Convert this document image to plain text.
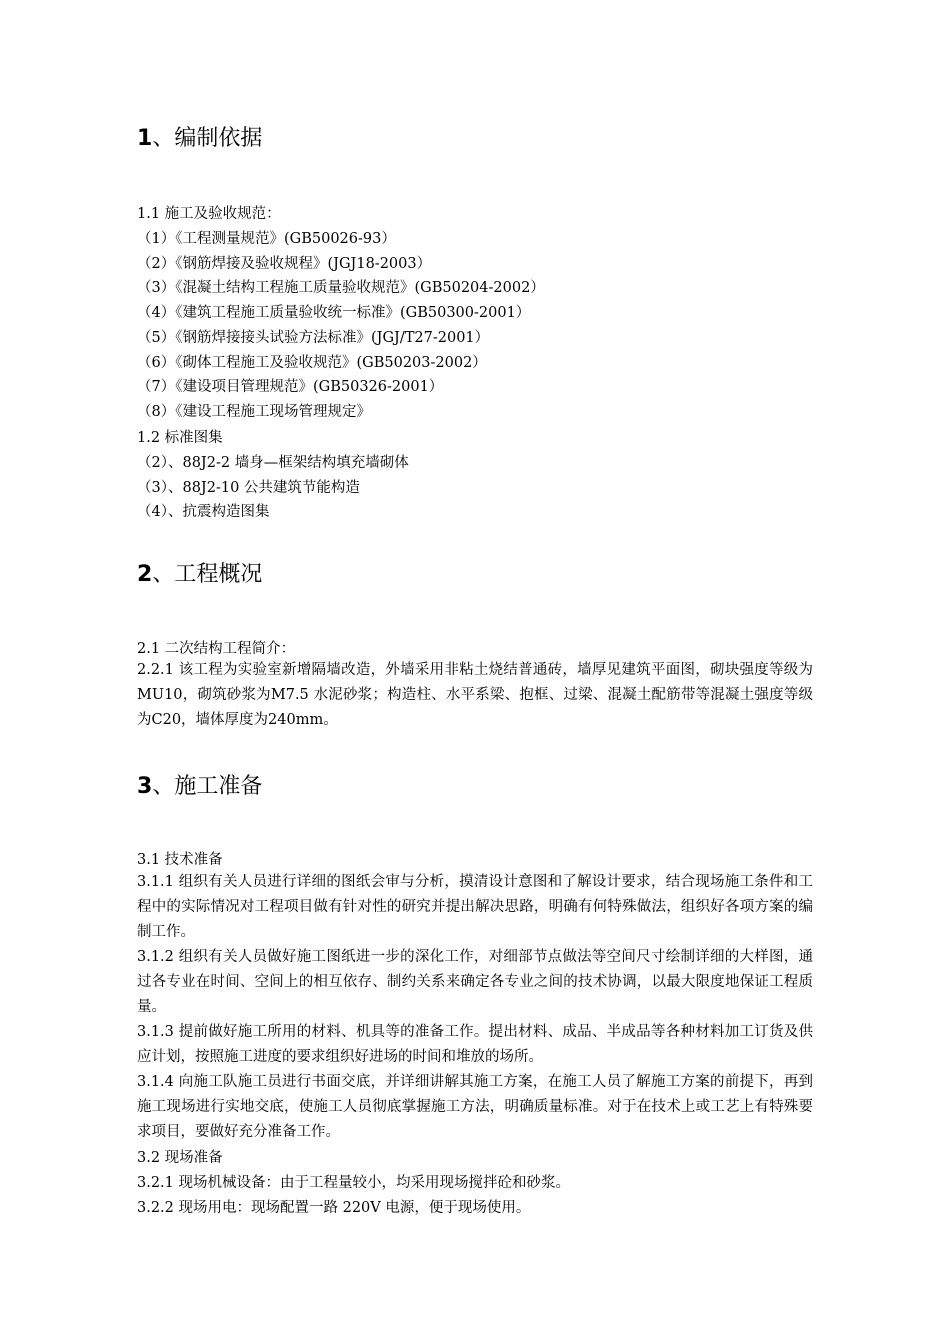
1、编制依据
1.1 施工及验收规范：
（1）《工程测量规范》(GB50026-93）
（2）《钢筋焊接及验收规程》(JGJ18-2003）
（3）《混凝土结构工程施工质量验收规范》(GB50204-2002）
（4）《建筑工程施工质量验收统一标准》(GB50300-2001）
（5）《钢筋焊接接头试验方法标准》(JGJ/T27-2001）
（6）《砌体工程施工及验收规范》(GB50203-2002）
（7）《建设项目管理规范》(GB50326-2001）
（8）《建设工程施工现场管理规定》
1.2 标准图集
（2）、88J2-2 墙身—框架结构填充墙砌体
（3）、88J2-10 公共建筑节能构造
（4）、抗震构造图集
2、工程概况
2.1 二次结构工程简介：
2.2.1 该工程为实验室新增隔墙改造，外墙采用非粘土烧结普通砖，墙厚见建筑平面图，砌块强度等级为MU10，砌筑砂浆为M7.5 水泥砂浆；构造柱、水平系梁、抱框、过梁、混凝土配筋带等混凝土强度等级为C20，墙体厚度为240mm。
3、施工准备
3.1 技术准备
3.1.1 组织有关人员进行详细的图纸会审与分析，摸清设计意图和了解设计要求，结合现场施工条件和工程中的实际情况对工程项目做有针对性的研究并提出解决思路，明确有何特殊做法，组织好各项方案的编制工作。
3.1.2 组织有关人员做好施工图纸进一步的深化工作，对细部节点做法等空间尺寸绘制详细的大样图，通过各专业在时间、空间上的相互依存、制约关系来确定各专业之间的技术协调，以最大限度地保证工程质量。
3.1.3 提前做好施工所用的材料、机具等的准备工作。提出材料、成品、半成品等各种材料加工订货及供应计划，按照施工进度的要求组织好进场的时间和堆放的场所。
3.1.4 向施工队施工员进行书面交底，并详细讲解其施工方案，在施工人员了解施工方案的前提下，再到施工现场进行实地交底，使施工人员彻底掌握施工方法，明确质量标准。对于在技术上或工艺上有特殊要求项目，要做好充分准备工作。
3.2 现场准备
3.2.1 现场机械设备：由于工程量较小，均采用现场搅拌砼和砂浆。
3.2.2 现场用电：现场配置一路 220V 电源，便于现场使用。
